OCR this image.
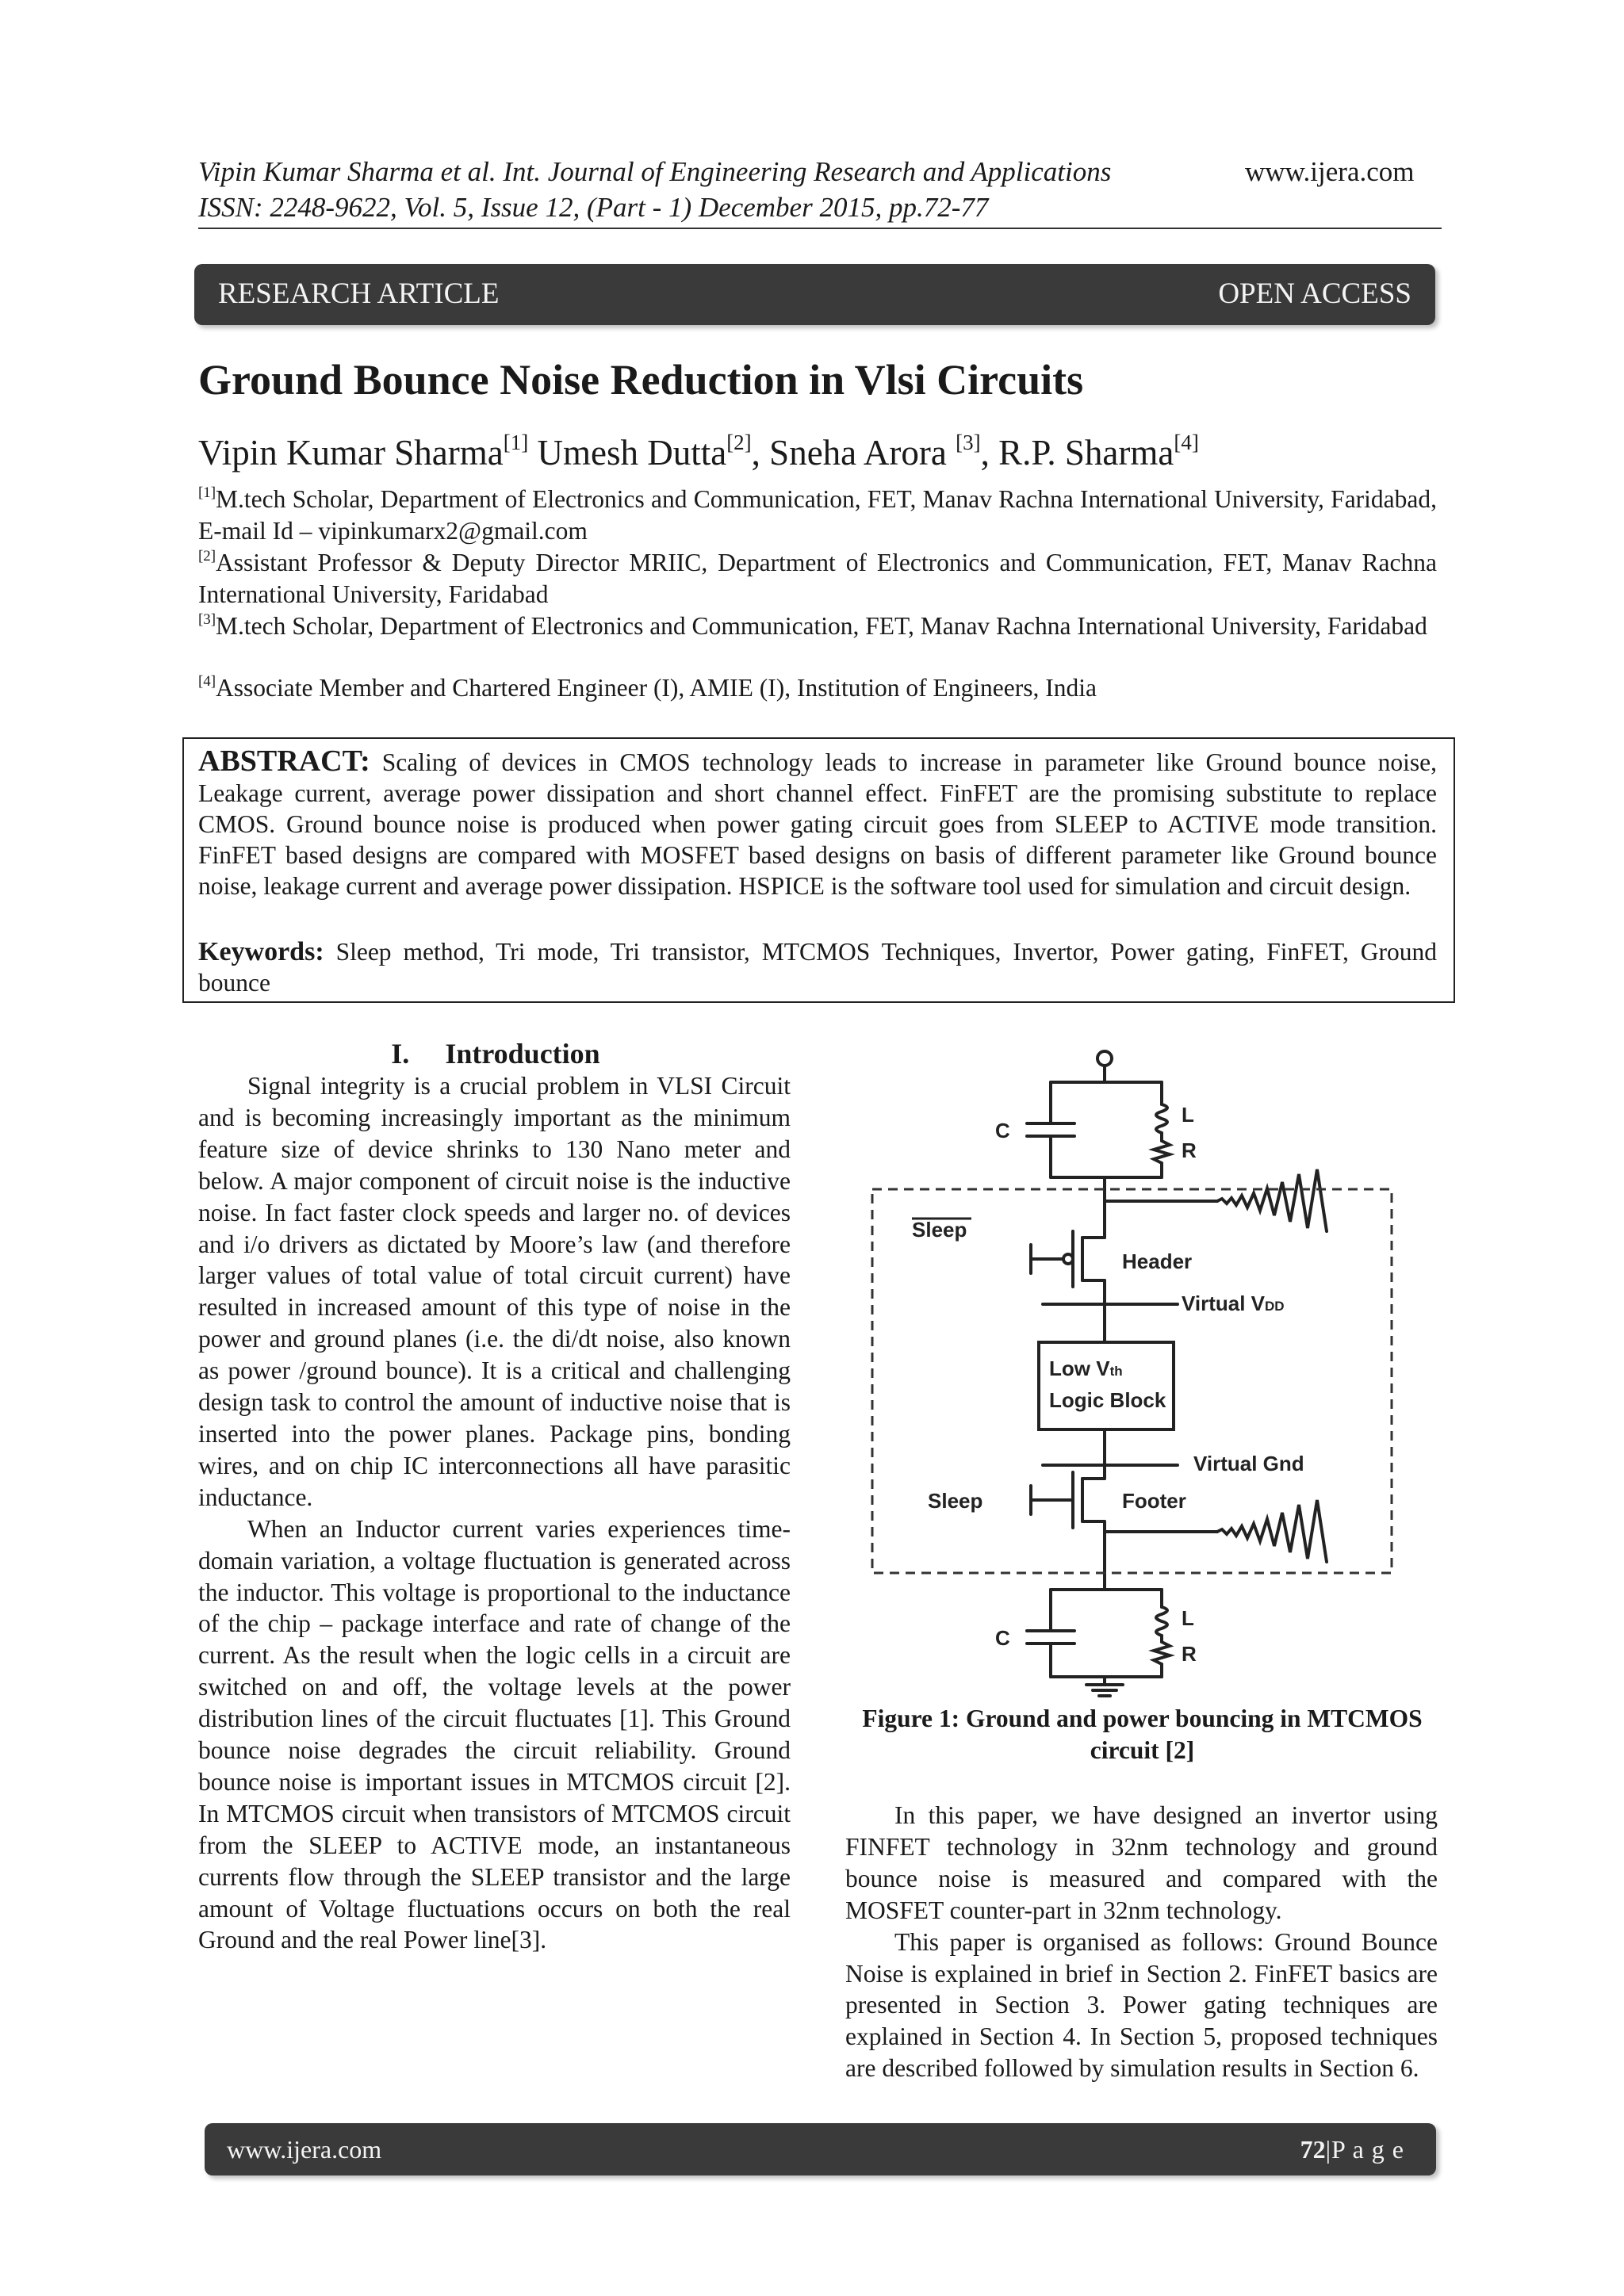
Vipin Kumar Sharma et al. Int. Journal of Engineering Research and Applications	www.ijera.com
ISSN: 2248-9622, Vol. 5, Issue 12, (Part - 1) December 2015, pp.72-77
RESEARCH ARTICLE	OPEN ACCESS
Ground Bounce Noise Reduction in Vlsi Circuits
Vipin Kumar Sharma[1] Umesh Dutta[2], Sneha Arora [3], R.P. Sharma[4]
[1]M.tech Scholar, Department of Electronics and Communication, FET, Manav Rachna International University, Faridabad, E-mail Id – vipinkumarx2@gmail.com
[2]Assistant Professor & Deputy Director MRIIC, Department of Electronics and Communication, FET, Manav Rachna International University, Faridabad
[3]M.tech Scholar, Department of Electronics and Communication, FET, Manav Rachna International University, Faridabad
[4]Associate Member and Chartered Engineer (I), AMIE (I), Institution of Engineers, India
ABSTRACT: Scaling of devices in CMOS technology leads to increase in parameter like Ground bounce noise, Leakage current, average power dissipation and short channel effect. FinFET are the promising substitute to replace CMOS. Ground bounce noise is produced when power gating circuit goes from SLEEP to ACTIVE mode transition. FinFET based designs are compared with MOSFET based designs on basis of different parameter like Ground bounce noise, leakage current and average power dissipation. HSPICE is the software tool used for simulation and circuit design.
Keywords: Sleep method, Tri mode, Tri transistor, MTCMOS Techniques, Invertor, Power gating, FinFET, Ground bounce
I. Introduction

Signal integrity is a crucial problem in VLSI Circuit and is becoming increasingly important as the minimum feature size of device shrinks to 130 Nano meter and below. A major component of circuit noise is the inductive noise. In fact faster clock speeds and larger no. of devices and i/o drivers as dictated by Moore’s law (and therefore larger values of total value of total circuit current) have resulted in increased amount of this type of noise in the power and ground planes (i.e. the di/dt noise, also known as power /ground bounce). It is a critical and challenging design task to control the amount of inductive noise that is inserted into the power planes. Package pins, bonding wires, and on chip IC interconnections all have parasitic inductance.

When an Inductor current varies experiences time-domain variation, a voltage fluctuation is generated across the inductor. This voltage is proportional to the inductance of the chip – package interface and rate of change of the current. As the result when the logic cells in a circuit are switched on and off, the voltage levels at the power distribution lines of the circuit fluctuates [1]. This Ground bounce noise degrades the circuit reliability. Ground bounce noise is important issues in MTCMOS circuit [2]. In MTCMOS circuit when transistors of MTCMOS circuit from the SLEEP to ACTIVE mode, an instantaneous currents flow through the SLEEP transistor and the large amount of Voltage fluctuations occurs on both the real Ground and the real Power line[3].

C
L
R
Sleep
Header
Virtual VDD
Low Vth
Logic Block
Virtual Gnd
Sleep	Footer
C
L
R
Figure 1: Ground and power bouncing in MTCMOS circuit [2]

In this paper, we have designed an invertor using FINFET technology in 32nm technology and ground bounce noise is measured and compared with the MOSFET counter-part in 32nm technology.

This paper is organised as follows: Ground Bounce Noise is explained in brief in Section 2. FinFET basics are presented in Section 3. Power gating techniques are explained in Section 4. In Section 5, proposed techniques are described followed by simulation results in Section 6.

www.ijera.com	72|P a g e
